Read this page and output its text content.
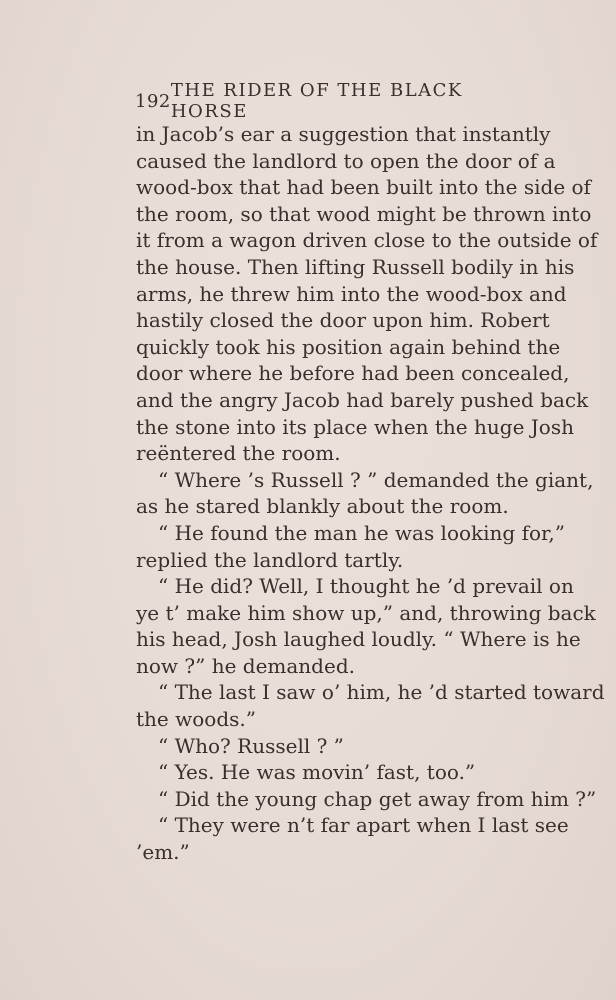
192 THE RIDER OF THE BLACK HORSE
in Jacob’s ear a suggestion that instantly
caused the landlord to open the door of a
wood-box that had been built into the side of
the room, so that wood might be thrown into
it from a wagon driven close to the outside of
the house. Then lifting Russell bodily in his
arms, he threw him into the wood-box and
hastily closed the door upon him. Robert
quickly took his position again behind the
door where he before had been concealed,
and the angry Jacob had barely pushed back
the stone into its place when the huge Josh
reëntered the room.
“ Where ’s Russell ? ” demanded the giant,
as he stared blankly about the room.
“ He found the man he was looking for,”
replied the landlord tartly.
“ He did? Well, I thought he ’d prevail on
ye t’ make him show up,” and, throwing back
his head, Josh laughed loudly. “ Where is he
now ?” he demanded.
“ The last I saw o’ him, he ’d started toward
the woods.”
“ Who? Russell ? ”
“ Yes. He was movin’ fast, too.”
“ Did the young chap get away from him ?”
“ They were n’t far apart when I last see
’em.”
